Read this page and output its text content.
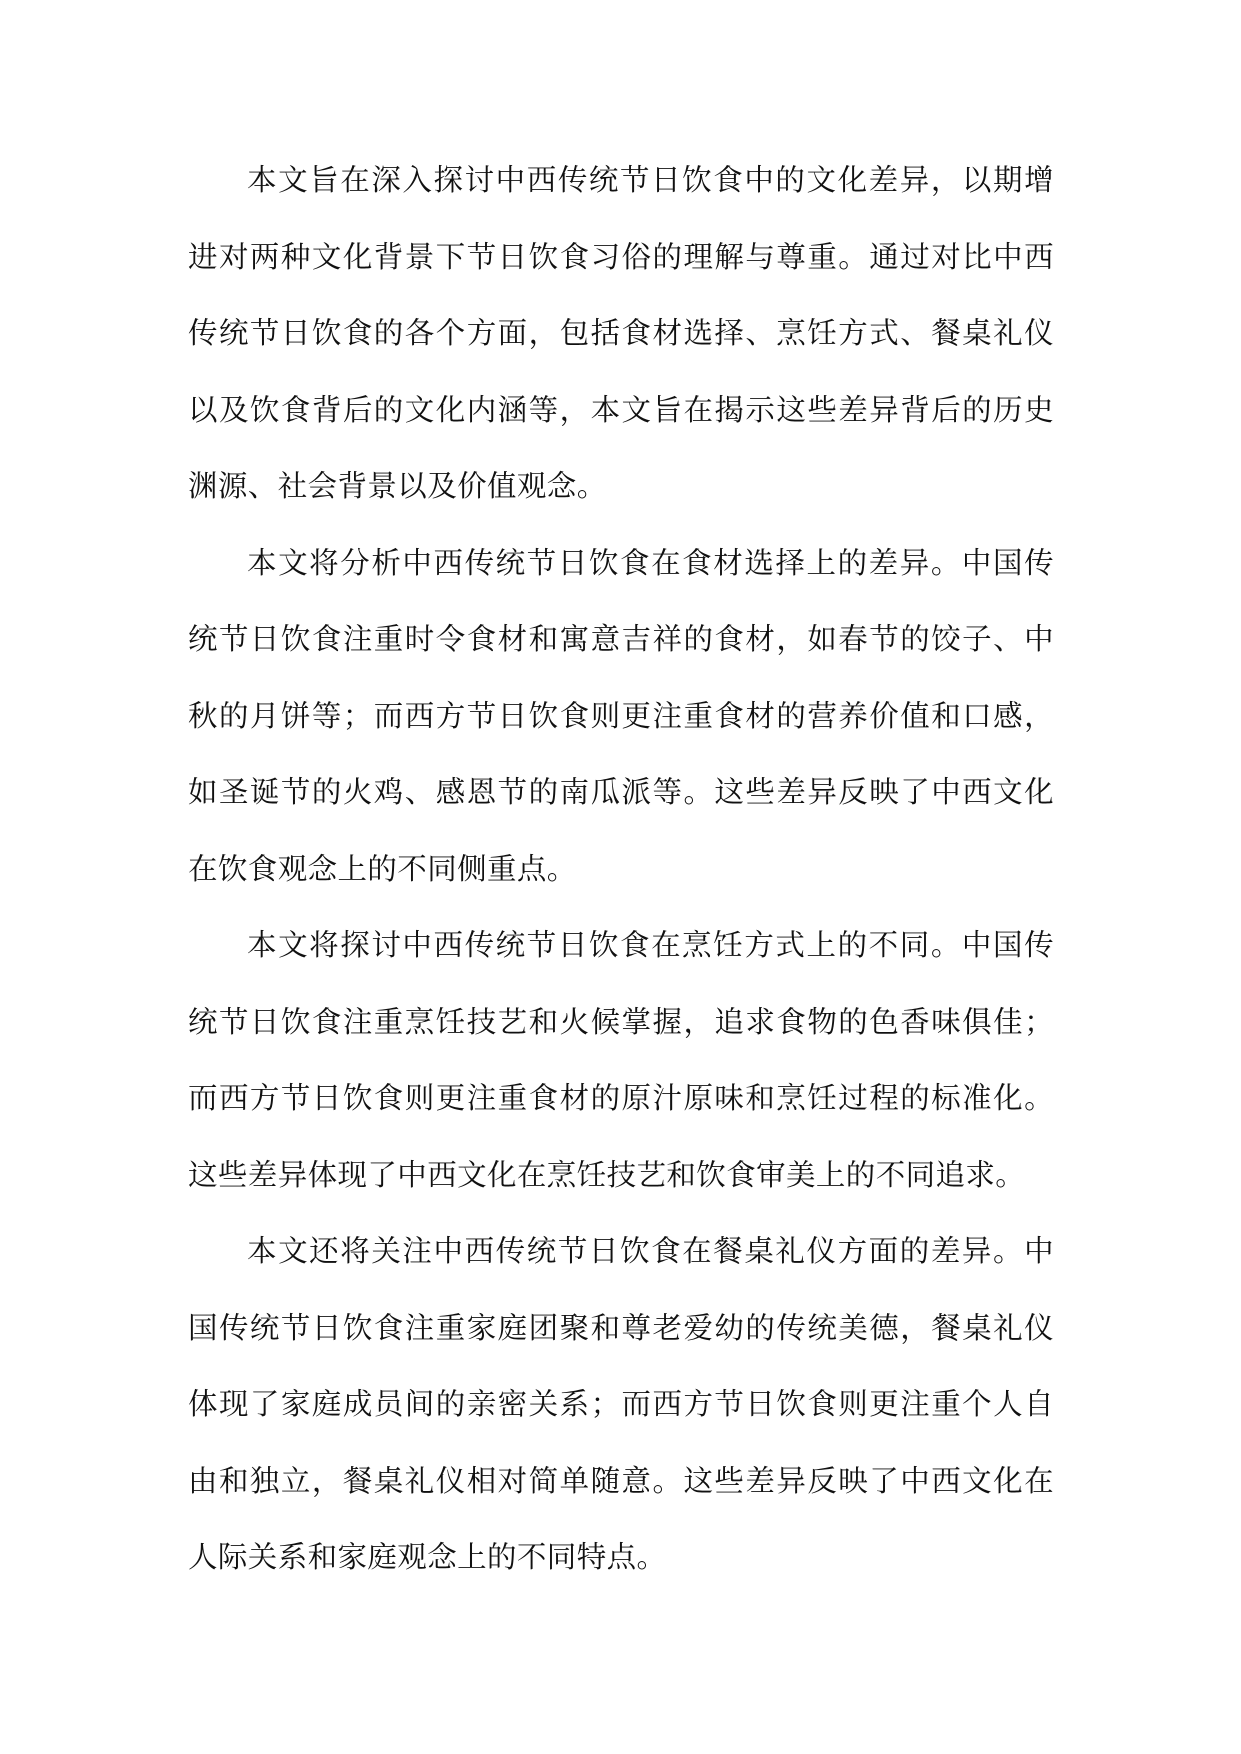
本文旨在深入探讨中西传统节日饮食中的文化差异，以期增进对两种文化背景下节日饮食习俗的理解与尊重。通过对比中西传统节日饮食的各个方面，包括食材选择、烹饪方式、餐桌礼仪以及饮食背后的文化内涵等，本文旨在揭示这些差异背后的历史渊源、社会背景以及价值观念。

本文将分析中西传统节日饮食在食材选择上的差异。中国传统节日饮食注重时令食材和寓意吉祥的食材，如春节的饺子、中秋的月饼等；而西方节日饮食则更注重食材的营养价值和口感，如圣诞节的火鸡、感恩节的南瓜派等。这些差异反映了中西文化在饮食观念上的不同侧重点。

本文将探讨中西传统节日饮食在烹饪方式上的不同。中国传统节日饮食注重烹饪技艺和火候掌握，追求食物的色香味俱佳；而西方节日饮食则更注重食材的原汁原味和烹饪过程的标准化。这些差异体现了中西文化在烹饪技艺和饮食审美上的不同追求。

本文还将关注中西传统节日饮食在餐桌礼仪方面的差异。中国传统节日饮食注重家庭团聚和尊老爱幼的传统美德，餐桌礼仪体现了家庭成员间的亲密关系；而西方节日饮食则更注重个人自由和独立，餐桌礼仪相对简单随意。这些差异反映了中西文化在人际关系和家庭观念上的不同特点。
